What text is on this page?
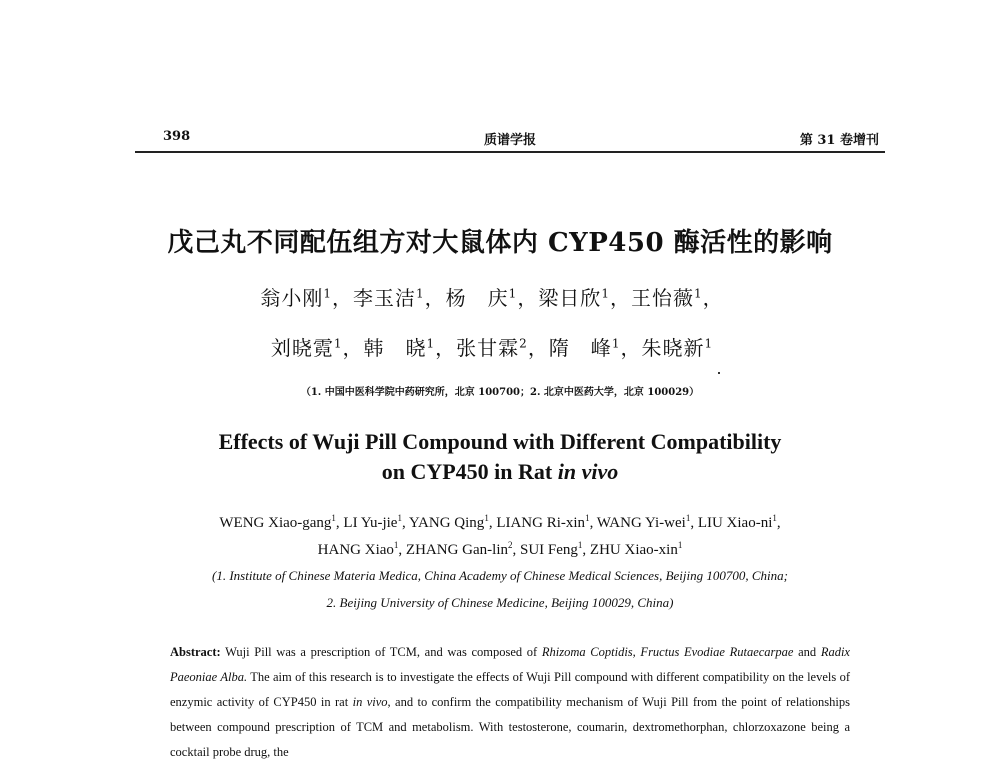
398	质谱学报	第 31 卷增刊
戊己丸不同配伍组方对大鼠体内 CYP450 酶活性的影响
翁小刚$^1$，李玉洁$^1$，杨　庆$^1$，梁日欣$^1$，王怡薇$^1$，
刘晓霓$^1$，韩　晓$^1$，张甘霖$^2$，隋　峰$^1$，朱晓新$^1$
（1. 中国中医科学院中药研究所，北京 100700；2. 北京中医药大学，北京 100029）
Effects of Wuji Pill Compound with Different Compatibility
on CYP450 in Rat in vivo
WENG Xiao-gang$^1$, LI Yu-jie$^1$, YANG Qing$^1$, LIANG Ri-xin$^1$, WANG Yi-wei$^1$, LIU Xiao-$ni^1$,
HANG Xiao$^1$, ZHANG Gan-lin$^2$, SUI Feng$^1$, ZHU Xiao-xin$^1$
(1. Institute of Chinese Materia Medica, China Academy of Chinese Medical Sciences, Beijing 100700, China;
2. Beijing University of Chinese Medicine, Beijing 100029, China)
Abstract: Wuji Pill was a prescription of TCM, and was composed of Rhizoma Coptidis, Fructus Evodiae Rutaecarpae and Radix Paeoniae Alba. The aim of this research is to investigate the effects of Wuji Pill compound with different compatibility on the levels of enzymic activity of CYP450 in rat in vivo, and to confirm the compatibility mechanism of Wuji Pill from the point of relationships between compound prescription of TCM and metabolism. With testosterone, coumarin, dextromethorphan, chlorzoxazone being a cocktail probe drug, the
